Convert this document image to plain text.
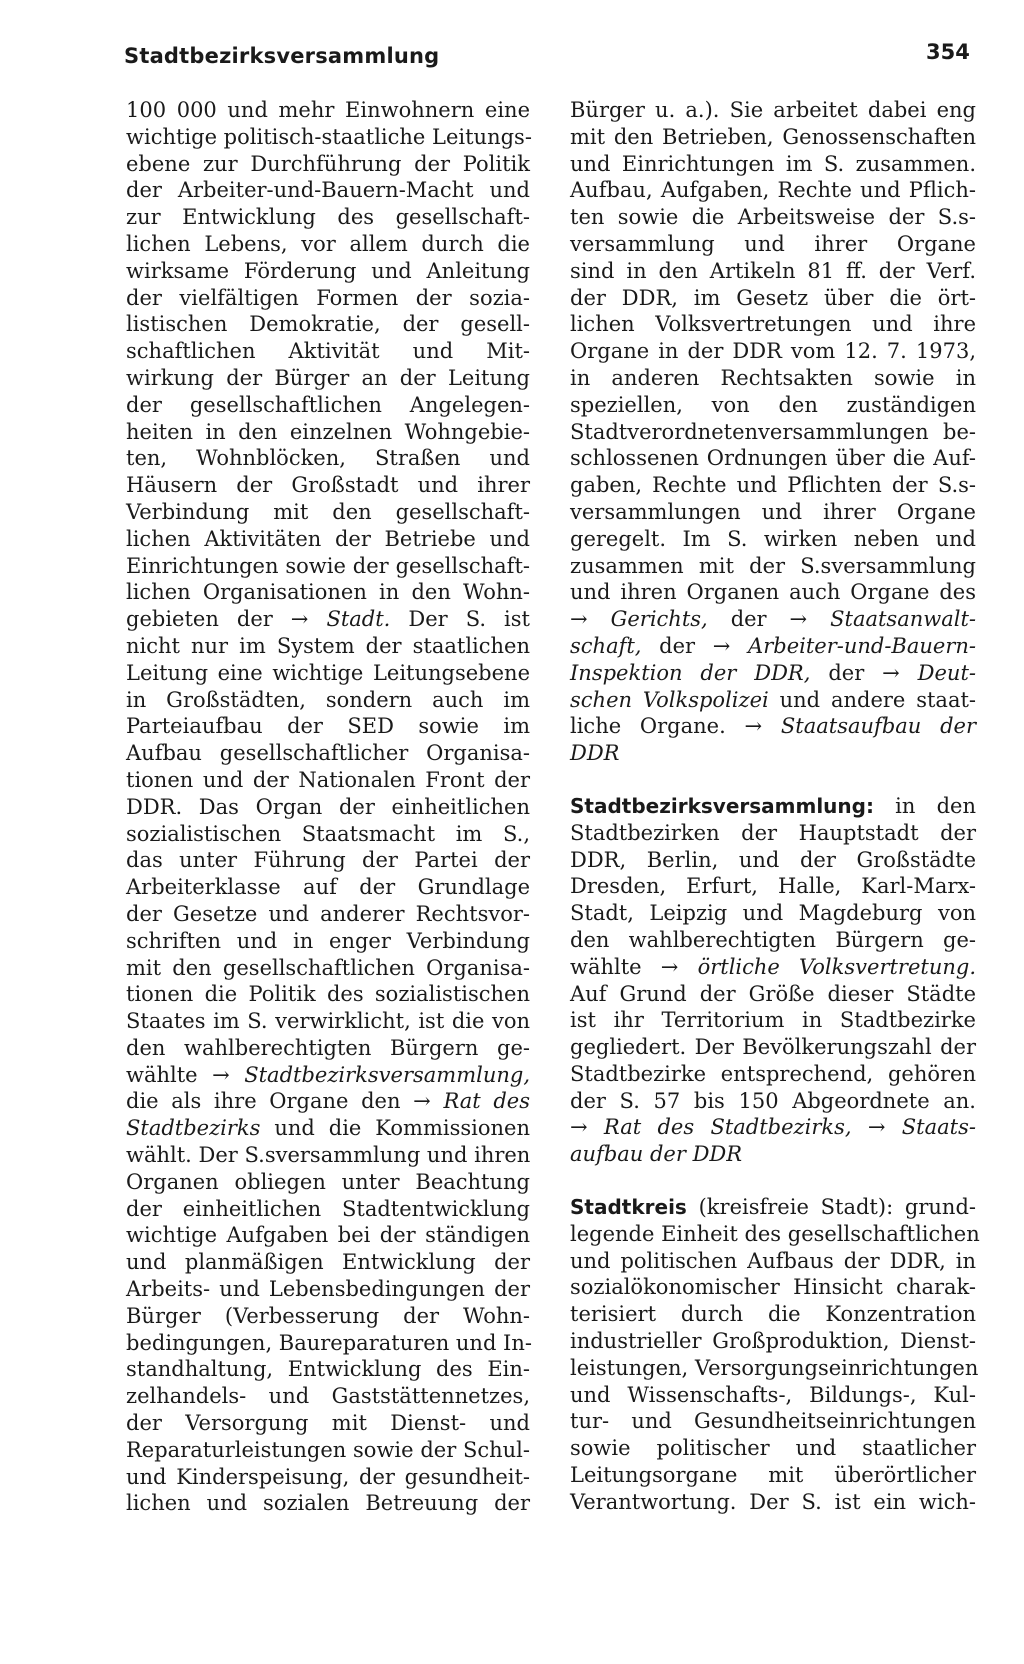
Stadtbezirksversammlung	354
100 000 und mehr Einwohnern eine
wichtige politisch-staatliche Leitungs-
ebene zur Durchführung der Politik
der Arbeiter-und-Bauern-Macht und
zur Entwicklung des gesellschaft-
lichen Lebens, vor allem durch die
wirksame Förderung und Anleitung
der vielfältigen Formen der sozia-
listischen Demokratie, der gesell-
schaftlichen Aktivität und Mit-
wirkung der Bürger an der Leitung
der gesellschaftlichen Angelegen-
heiten in den einzelnen Wohngebie-
ten, Wohnblöcken, Straßen und
Häusern der Großstadt und ihrer
Verbindung mit den gesellschaft-
lichen Aktivitäten der Betriebe und
Einrichtungen sowie der gesellschaft-
lichen Organisationen in den Wohn-
gebieten der → Stadt. Der S. ist
nicht nur im System der staatlichen
Leitung eine wichtige Leitungsebene
in Großstädten, sondern auch im
Parteiaufbau der SED sowie im
Aufbau gesellschaftlicher Organisa-
tionen und der Nationalen Front der
DDR. Das Organ der einheitlichen
sozialistischen Staatsmacht im S.,
das unter Führung der Partei der
Arbeiterklasse auf der Grundlage
der Gesetze und anderer Rechtsvor-
schriften und in enger Verbindung
mit den gesellschaftlichen Organisa-
tionen die Politik des sozialistischen
Staates im S. verwirklicht, ist die von
den wahlberechtigten Bürgern ge-
wählte → Stadtbezirksversammlung,
die als ihre Organe den → Rat des
Stadtbezirks und die Kommissionen
wählt. Der S.sversammlung und ihren
Organen obliegen unter Beachtung
der einheitlichen Stadtentwicklung
wichtige Aufgaben bei der ständigen
und planmäßigen Entwicklung der
Arbeits- und Lebensbedingungen der
Bürger (Verbesserung der Wohn-
bedingungen, Baureparaturen und In-
standhaltung, Entwicklung des Ein-
zelhandels- und Gaststättennetzes,
der Versorgung mit Dienst- und
Reparaturleistungen sowie der Schul-
und Kinderspeisung, der gesundheit-
lichen und sozialen Betreuung der
Bürger u. a.). Sie arbeitet dabei eng
mit den Betrieben, Genossenschaften
und Einrichtungen im S. zusammen.
Aufbau, Aufgaben, Rechte und Pflich-
ten sowie die Arbeitsweise der S.s-
versammlung und ihrer Organe
sind in den Artikeln 81 ff. der Verf.
der DDR, im Gesetz über die ört-
lichen Volksvertretungen und ihre
Organe in der DDR vom 12. 7. 1973,
in anderen Rechtsakten sowie in
speziellen, von den zuständigen
Stadtverordnetenversammlungen be-
schlossenen Ordnungen über die Auf-
gaben, Rechte und Pflichten der S.s-
versammlungen und ihrer Organe
geregelt. Im S. wirken neben und
zusammen mit der S.sversammlung
und ihren Organen auch Organe des
→ Gerichts, der → Staatsanwalt-
schaft, der → Arbeiter-und-Bauern-
Inspektion der DDR, der → Deut-
schen Volkspolizei und andere staat-
liche Organe. → Staatsaufbau der
DDR
Stadtbezirksversammlung: in den
Stadtbezirken der Hauptstadt der
DDR, Berlin, und der Großstädte
Dresden, Erfurt, Halle, Karl-Marx-
Stadt, Leipzig und Magdeburg von
den wahlberechtigten Bürgern ge-
wählte → örtliche Volksvertretung.
Auf Grund der Größe dieser Städte
ist ihr Territorium in Stadtbezirke
gegliedert. Der Bevölkerungszahl der
Stadtbezirke entsprechend, gehören
der S. 57 bis 150 Abgeordnete an.
→ Rat des Stadtbezirks, → Staats-
aufbau der DDR
Stadtkreis (kreisfreie Stadt): grund-
legende Einheit des gesellschaftlichen
und politischen Aufbaus der DDR, in
sozialökonomischer Hinsicht charak-
terisiert durch die Konzentration
industrieller Großproduktion, Dienst-
leistungen, Versorgungseinrichtungen
und Wissenschafts-, Bildungs-, Kul-
tur- und Gesundheitseinrichtungen
sowie politischer und staatlicher
Leitungsorgane mit überörtlicher
Verantwortung. Der S. ist ein wich-
